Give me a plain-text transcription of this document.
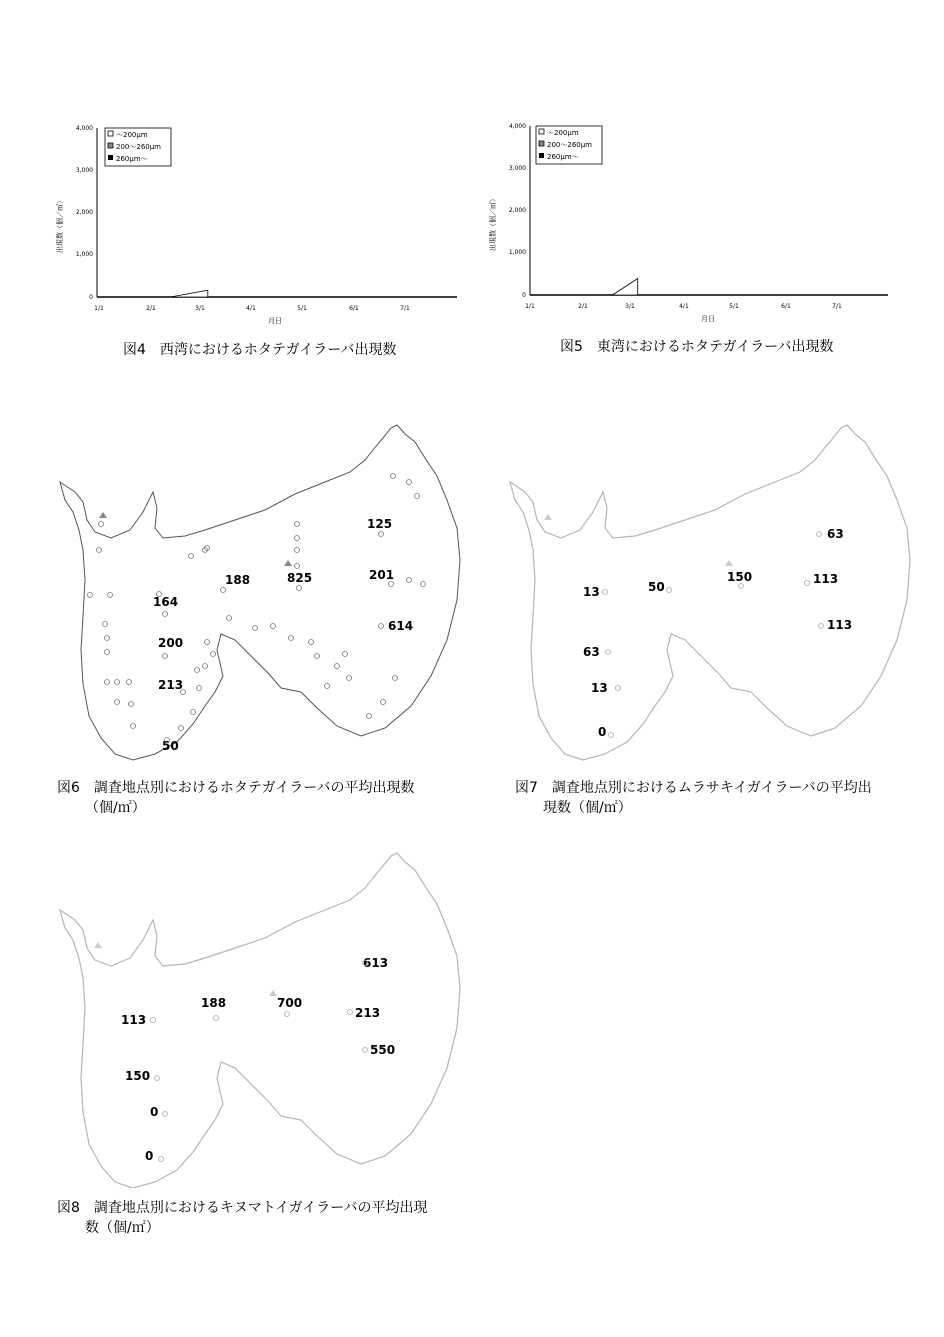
4,000
3,000
2,000
1,000
0
1/1	2/1	3/1	4/1	5/1	6/1	7/1
月日
出現数（個／㎥）
～200μm
200～260μm
260μm～
図4　西湾におけるホタテガイラーバ出現数
4,000
3,000
2,000
1,000
0
1/1	2/1	3/1	4/1	5/1	6/1	7/1
月日
出現数（個／㎥）
～200μm
200～260μm
260μm～
図5　東湾におけるホタテガイラーバ出現数
125
188	825	201
164
614
200
213
50
図6　調査地点別におけるホタテガイラーバの平均出現数
（個/㎡）
63
150
13	50
113
113
63
13
0
図7　調査地点別におけるムラサキイガイラーバの平均出
現数（個/㎡）
613
188	700
113	213
550
150
0
0
図8　調査地点別におけるキヌマトイガイラーバの平均出現
数（個/㎡）
